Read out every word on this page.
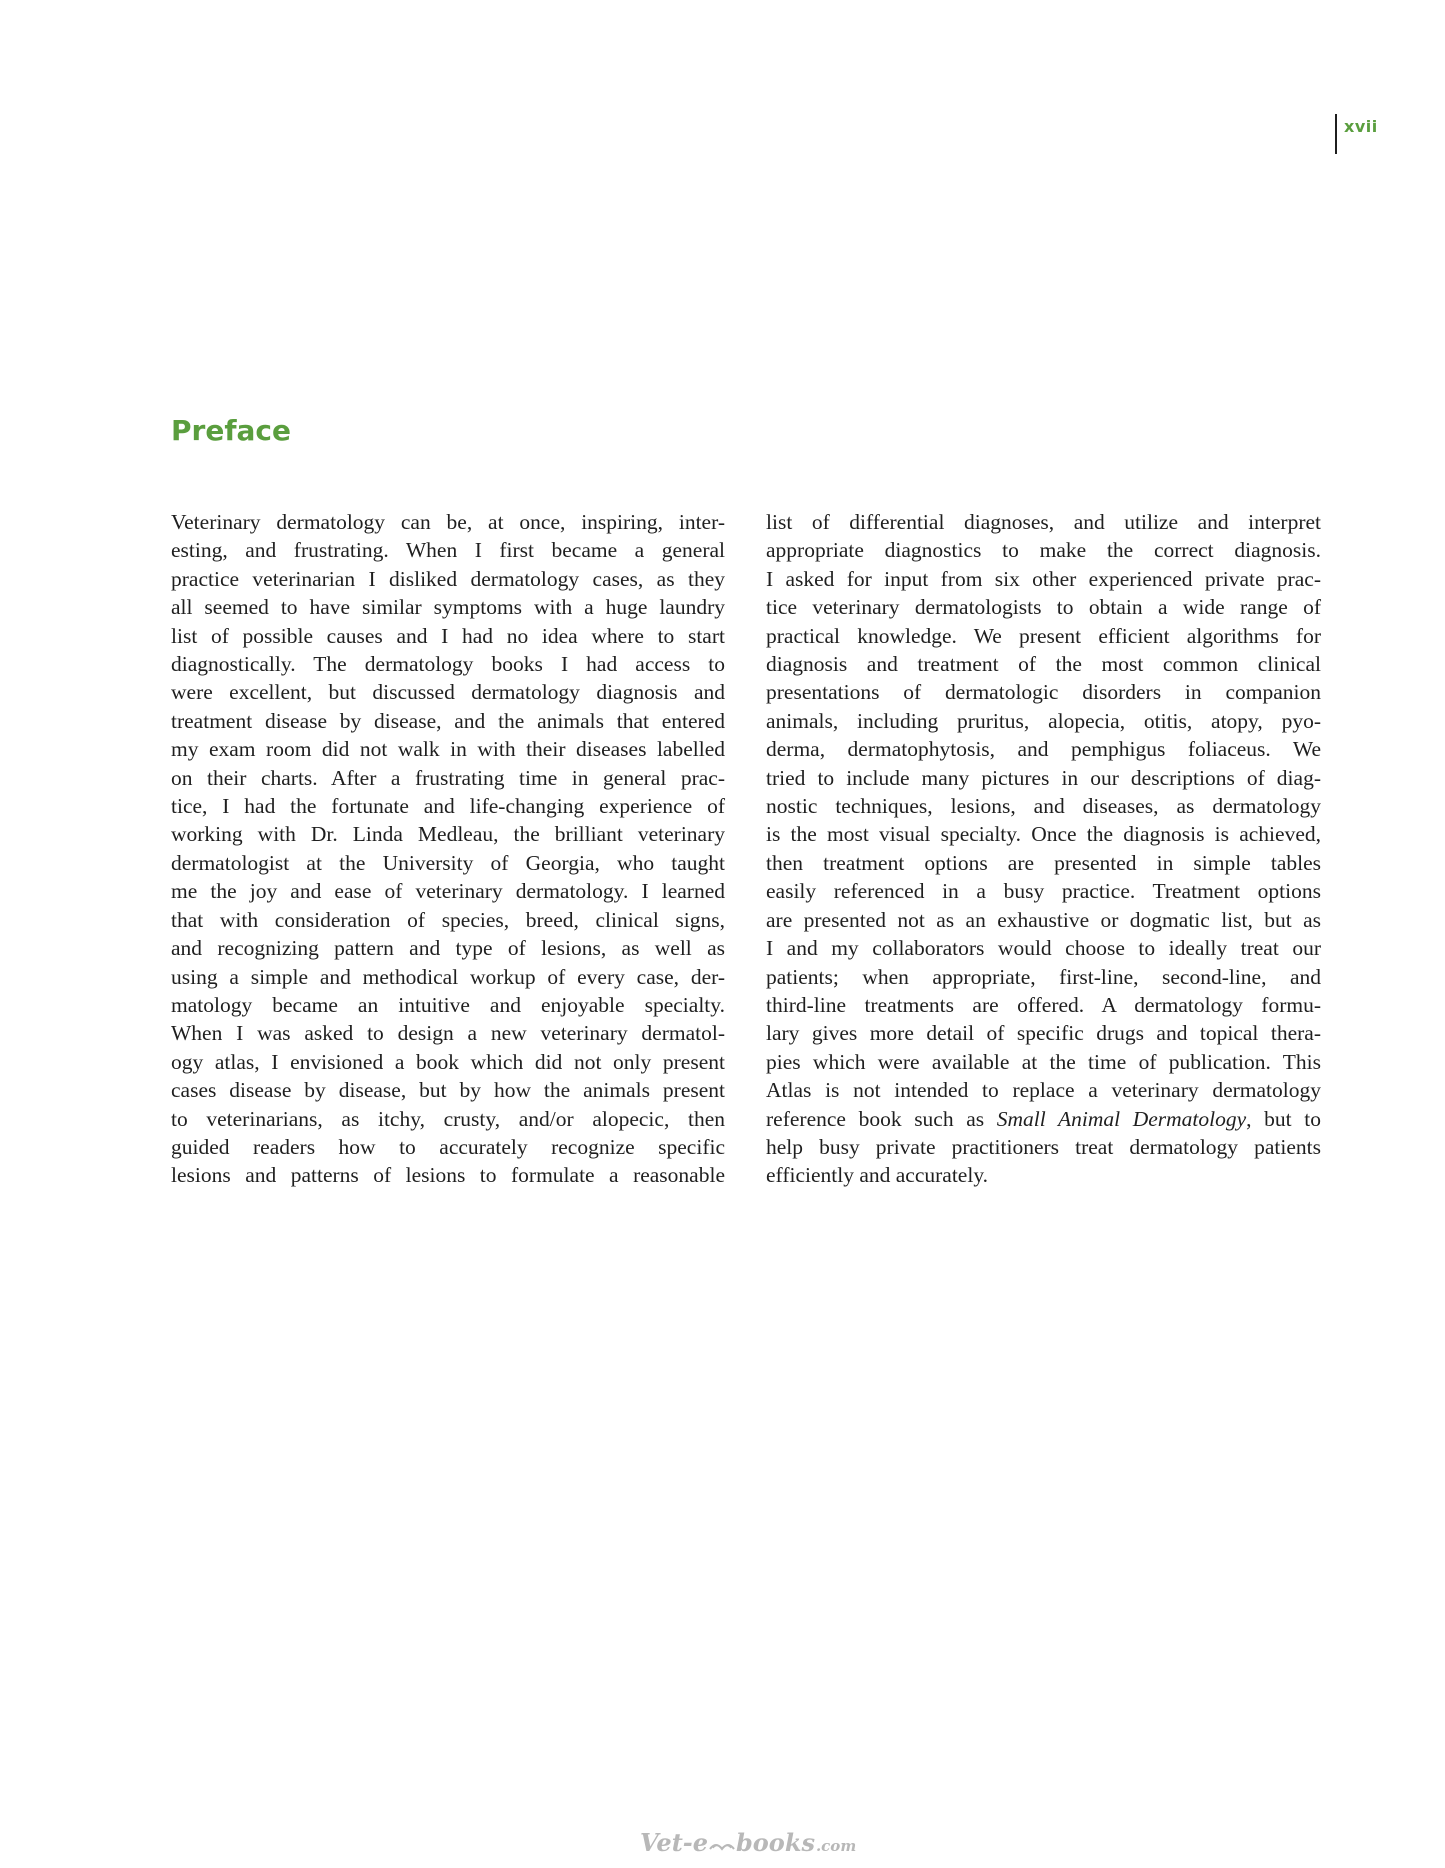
xvii
Preface
Veterinary dermatology can be, at once, inspiring, inter-
esting, and frustrating. When I first became a general
practice veterinarian I disliked dermatology cases, as they
all seemed to have similar symptoms with a huge laundry
list of possible causes and I had no idea where to start
diagnostically. The dermatology books I had access to
were excellent, but discussed dermatology diagnosis and
treatment disease by disease, and the animals that entered
my exam room did not walk in with their diseases labelled
on their charts. After a frustrating time in general prac-
tice, I had the fortunate and life-changing experience of
working with Dr. Linda Medleau, the brilliant veterinary
dermatologist at the University of Georgia, who taught
me the joy and ease of veterinary dermatology. I learned
that with consideration of species, breed, clinical signs,
and recognizing pattern and type of lesions, as well as
using a simple and methodical workup of every case, der-
matology became an intuitive and enjoyable specialty.
When I was asked to design a new veterinary dermatol-
ogy atlas, I envisioned a book which did not only present
cases disease by disease, but by how the animals present
to veterinarians, as itchy, crusty, and/or alopecic, then
guided readers how to accurately recognize specific
lesions and patterns of lesions to formulate a reasonable
list of differential diagnoses, and utilize and interpret
appropriate diagnostics to make the correct diagnosis.
I asked for input from six other experienced private prac-
tice veterinary dermatologists to obtain a wide range of
practical knowledge. We present efficient algorithms for
diagnosis and treatment of the most common clinical
presentations of dermatologic disorders in companion
animals, including pruritus, alopecia, otitis, atopy, pyo-
derma, dermatophytosis, and pemphigus foliaceus. We
tried to include many pictures in our descriptions of diag-
nostic techniques, lesions, and diseases, as dermatology
is the most visual specialty. Once the diagnosis is achieved,
then treatment options are presented in simple tables
easily referenced in a busy practice. Treatment options
are presented not as an exhaustive or dogmatic list, but as
I and my collaborators would choose to ideally treat our
patients; when appropriate, first-line, second-line, and
third-line treatments are offered. A dermatology formu-
lary gives more detail of specific drugs and topical thera-
pies which were available at the time of publication. This
Atlas is not intended to replace a veterinary dermatology
reference book such as Small Animal Dermatology, but to
help busy private practitioners treat dermatology patients
efficiently and accurately.
Vet-e books .com
